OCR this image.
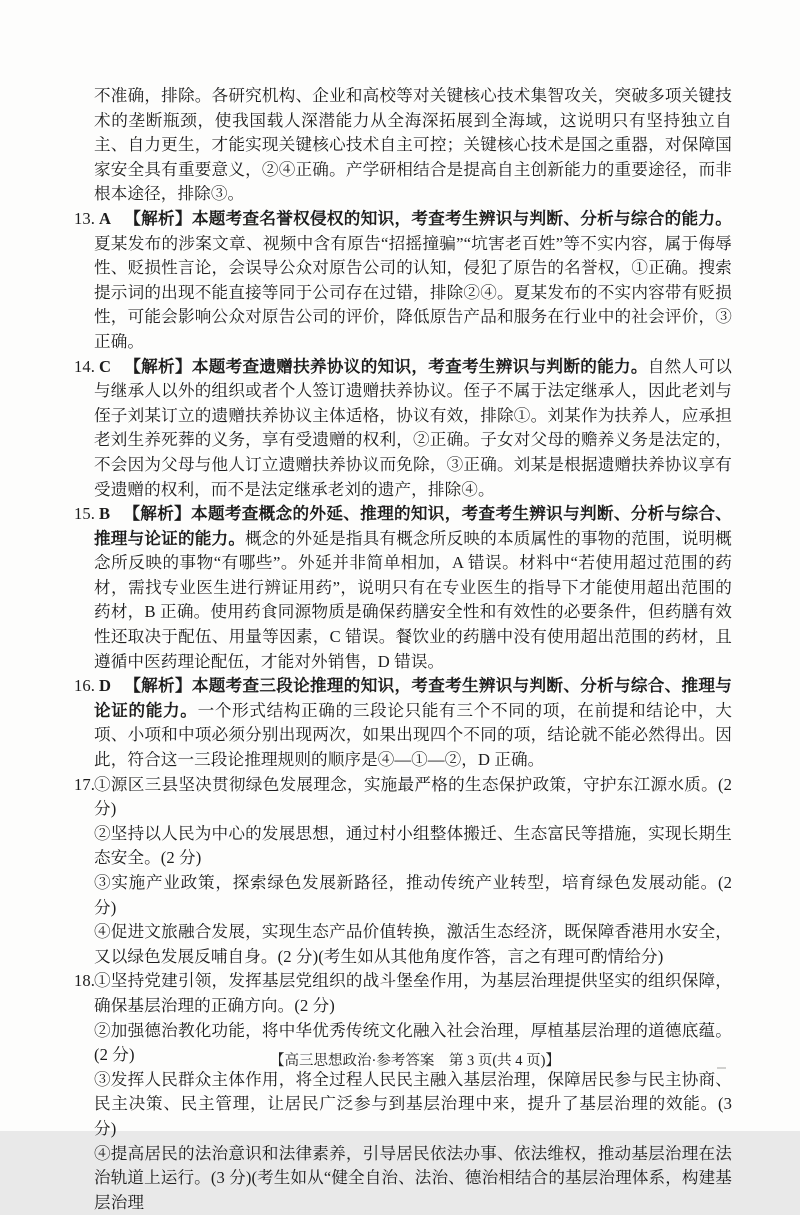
不准确，排除。各研究机构、企业和高校等对关键核心技术集智攻关，突破多项关键技术的垄断瓶颈，使我国载人深潜能力从全海深拓展到全海域，这说明只有坚持独立自主、自力更生，才能实现关键核心技术自主可控；关键核心技术是国之重器，对保障国家安全具有重要意义，②④正确。产学研相结合是提高自主创新能力的重要途径，而非根本途径，排除③。

13. A 【解析】本题考查名誉权侵权的知识，考查考生辨识与判断、分析与综合的能力。夏某发布的涉案文章、视频中含有原告“招摇撞骗”“坑害老百姓”等不实内容，属于侮辱性、贬损性言论，会误导公众对原告公司的认知，侵犯了原告的名誉权，①正确。搜索提示词的出现不能直接等同于公司存在过错，排除②④。夏某发布的不实内容带有贬损性，可能会影响公众对原告公司的评价，降低原告产品和服务在行业中的社会评价，③正确。

14. C 【解析】本题考查遗赠扶养协议的知识，考查考生辨识与判断的能力。自然人可以与继承人以外的组织或者个人签订遗赠扶养协议。侄子不属于法定继承人，因此老刘与侄子刘某订立的遗赠扶养协议主体适格，协议有效，排除①。刘某作为扶养人，应承担老刘生养死葬的义务，享有受遗赠的权利，②正确。子女对父母的赡养义务是法定的，不会因为父母与他人订立遗赠扶养协议而免除，③正确。刘某是根据遗赠扶养协议享有受遗赠的权利，而不是法定继承老刘的遗产，排除④。

15. B 【解析】本题考查概念的外延、推理的知识，考查考生辨识与判断、分析与综合、推理与论证的能力。概念的外延是指具有概念所反映的本质属性的事物的范围，说明概念所反映的事物“有哪些”。外延并非简单相加，A 错误。材料中“若使用超过范围的药材，需找专业医生进行辨证用药”，说明只有在专业医生的指导下才能使用超出范围的药材，B 正确。使用药食同源物质是确保药膳安全性和有效性的必要条件，但药膳有效性还取决于配伍、用量等因素，C 错误。餐饮业的药膳中没有使用超出范围的药材，且遵循中医药理论配伍，才能对外销售，D 错误。

16. D 【解析】本题考查三段论推理的知识，考查考生辨识与判断、分析与综合、推理与论证的能力。一个形式结构正确的三段论只能有三个不同的项，在前提和结论中，大项、小项和中项必须分别出现两次，如果出现四个不同的项，结论就不能必然得出。因此，符合这一三段论推理规则的顺序是④—①—②，D 正确。

17.

①源区三县坚决贯彻绿色发展理念，实施最严格的生态保护政策，守护东江源水质。(2 分)

②坚持以人民为中心的发展思想，通过村小组整体搬迁、生态富民等措施，实现长期生态安全。(2 分)

③实施产业政策，探索绿色发展新路径，推动传统产业转型，培育绿色发展动能。(2 分)

④促进文旅融合发展，实现生态产品价值转换，激活生态经济，既保障香港用水安全，又以绿色发展反哺自身。(2 分)(考生如从其他角度作答，言之有理可酌情给分)

18.

①坚持党建引领，发挥基层党组织的战斗堡垒作用，为基层治理提供坚实的组织保障，确保基层治理的正确方向。(2 分)

②加强德治教化功能，将中华优秀传统文化融入社会治理，厚植基层治理的道德底蕴。(2 分)

③发挥人民群众主体作用，将全过程人民民主融入基层治理，保障居民参与民主协商、民主决策、民主管理，让居民广泛参与到基层治理中来，提升了基层治理的效能。(3 分)

④提高居民的法治意识和法律素养，引导居民依法办事、依法维权，推动基层治理在法治轨道上运行。(3 分)(考生如从“健全自治、法治、德治相结合的基层治理体系，构建基层治理

【高三思想政治·参考答案　第 3 页(共 4 页)】
